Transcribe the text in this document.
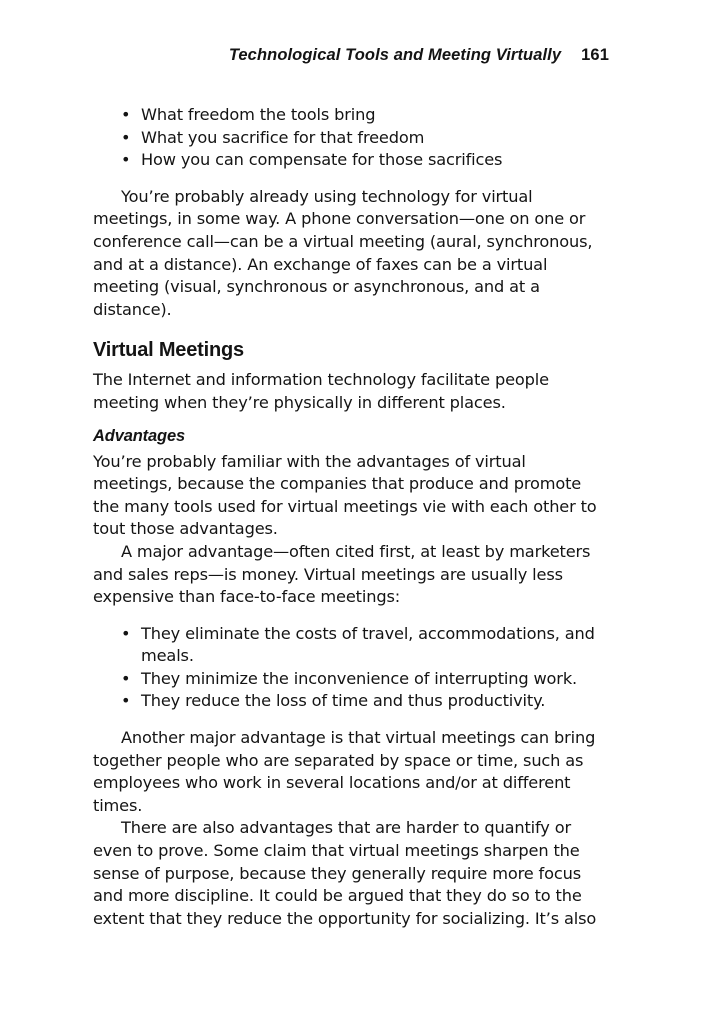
Technological Tools and Meeting Virtually 161
• What freedom the tools bring
• What you sacrifice for that freedom
• How you can compensate for those sacrifices

You’re probably already using technology for virtual meetings, in some way. A phone conversation—one on one or conference call—can be a virtual meeting (aural, synchronous, and at a distance). An exchange of faxes can be a virtual meeting (visual, synchronous or asynchronous, and at a distance).

Virtual Meetings

The Internet and information technology facilitate people meeting when they’re physically in different places.

Advantages

You’re probably familiar with the advantages of virtual meetings, because the companies that produce and promote the many tools used for virtual meetings vie with each other to tout those advantages.

A major advantage—often cited first, at least by marketers and sales reps—is money. Virtual meetings are usually less expensive than face-to-face meetings:

• They eliminate the costs of travel, accommodations, and meals.
• They minimize the inconvenience of interrupting work.
• They reduce the loss of time and thus productivity.

Another major advantage is that virtual meetings can bring together people who are separated by space or time, such as employees who work in several locations and/or at different times.

There are also advantages that are harder to quantify or even to prove. Some claim that virtual meetings sharpen the sense of purpose, because they generally require more focus and more discipline. It could be argued that they do so to the extent that they reduce the opportunity for socializing. It’s also
